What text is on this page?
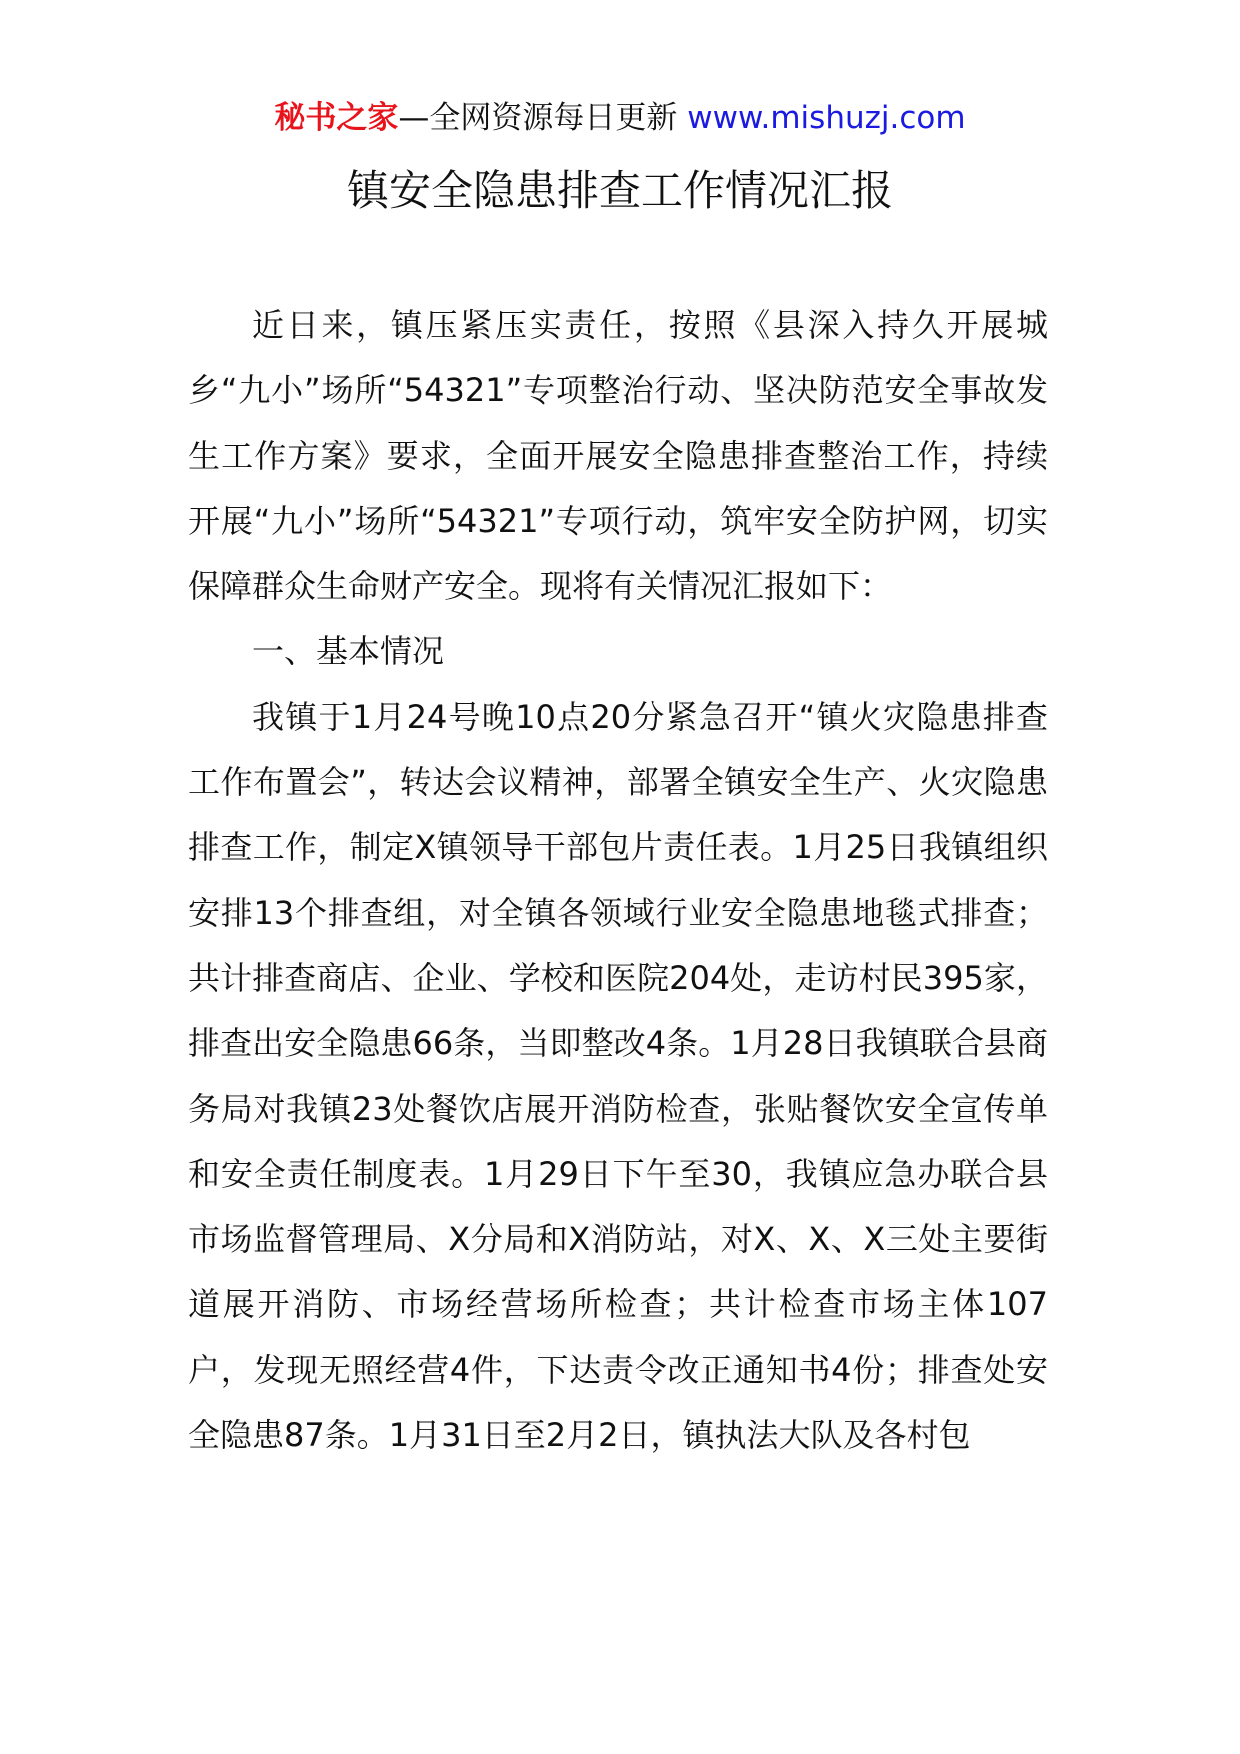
秘书之家—全网资源每日更新 www.mishuzj.com
镇安全隐患排查工作情况汇报

近日来，镇压紧压实责任，按照《县深入持久开展城乡“九小”场所“54321”专项整治行动、坚决防范安全事故发生工作方案》要求，全面开展安全隐患排查整治工作，持续开展“九小”场所“54321”专项行动，筑牢安全防护网，切实保障群众生命财产安全。现将有关情况汇报如下：

一、基本情况

我镇于1月24号晚10点20分紧急召开“镇火灾隐患排查工作布置会”，转达会议精神，部署全镇安全生产、火灾隐患排查工作，制定X镇领导干部包片责任表。1月25日我镇组织安排13个排查组，对全镇各领域行业安全隐患地毯式排查；共计排查商店、企业、学校和医院204处，走访村民395家，排查出安全隐患66条，当即整改4条。1月28日我镇联合县商务局对我镇23处餐饮店展开消防检查，张贴餐饮安全宣传单和安全责任制度表。1月29日下午至30，我镇应急办联合县市场监督管理局、X分局和X消防站，对X、X、X三处主要街道展开消防、市场经营场所检查；共计检查市场主体107户，发现无照经营4件，下达责令改正通知书4份；排查处安全隐患87条。1月31日至2月2日，镇执法大队及各村包
